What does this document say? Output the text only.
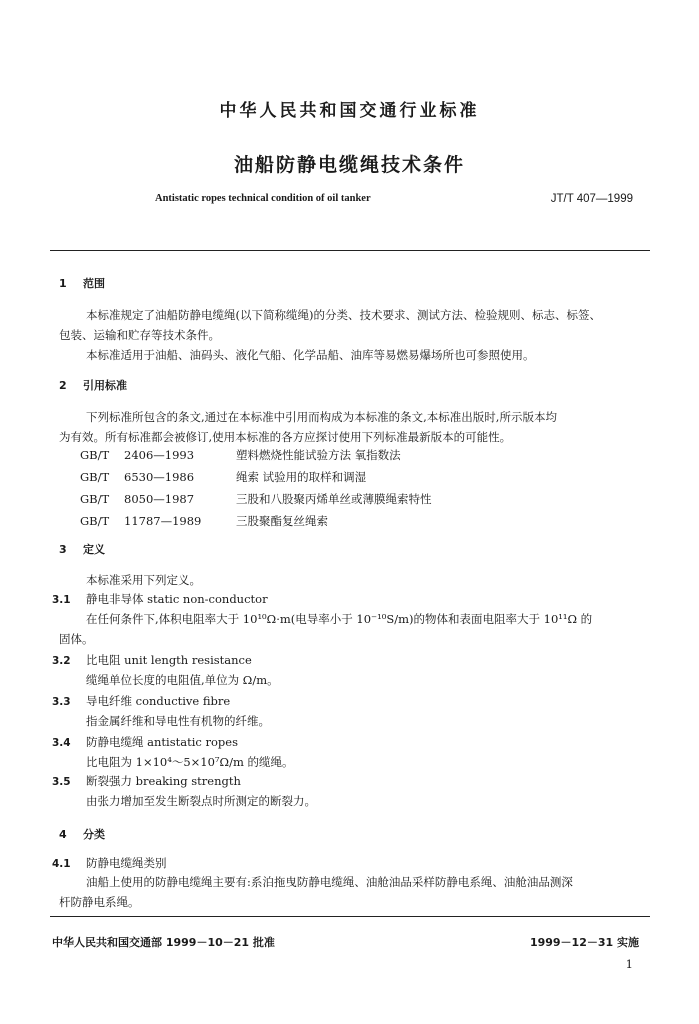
中华人民共和国交通行业标准
油船防静电缆绳技术条件
Antistatic ropes technical condition of oil tanker	JT/T 407—1999
1 范围
本标准规定了油船防静电缆绳(以下简称缆绳)的分类、技术要求、测试方法、检验规则、标志、标签、
包装、运输和贮存等技术条件。
本标准适用于油船、油码头、液化气船、化学品船、油库等易燃易爆场所也可参照使用。
2 引用标准
下列标准所包含的条文,通过在本标准中引用而构成为本标准的条文,本标准出版时,所示版本均
为有效。所有标准都会被修订,使用本标准的各方应探讨使用下列标准最新版本的可能性。
GB/T 2406—1993	塑料燃烧性能试验方法 氧指数法
GB/T 6530—1986	绳索 试验用的取样和调湿
GB/T 8050—1987	三股和八股聚丙烯单丝或薄膜绳索特性
GB/T 11787—1989	三股聚酯复丝绳索
3 定义
本标准采用下列定义。
3.1 静电非导体 static non-conductor
在任何条件下,体积电阻率大于 10¹⁰Ω·m(电导率小于 10⁻¹⁰S/m)的物体和表面电阻率大于 10¹¹Ω 的
固体。
3.2 比电阻 unit length resistance
缆绳单位长度的电阻值,单位为 Ω/m。
3.3 导电纤维 conductive fibre
指金属纤维和导电性有机物的纤维。
3.4 防静电缆绳 antistatic ropes
比电阻为 1×10⁴～5×10⁷Ω/m 的缆绳。
3.5 断裂强力 breaking strength
由张力增加至发生断裂点时所测定的断裂力。
4 分类
4.1 防静电缆绳类别
油船上使用的防静电缆绳主要有:系泊拖曳防静电缆绳、油舱油品采样防静电系绳、油舱油品测深
杆防静电系绳。
中华人民共和国交通部 1999－10－21 批准	1999－12－31 实施
1
